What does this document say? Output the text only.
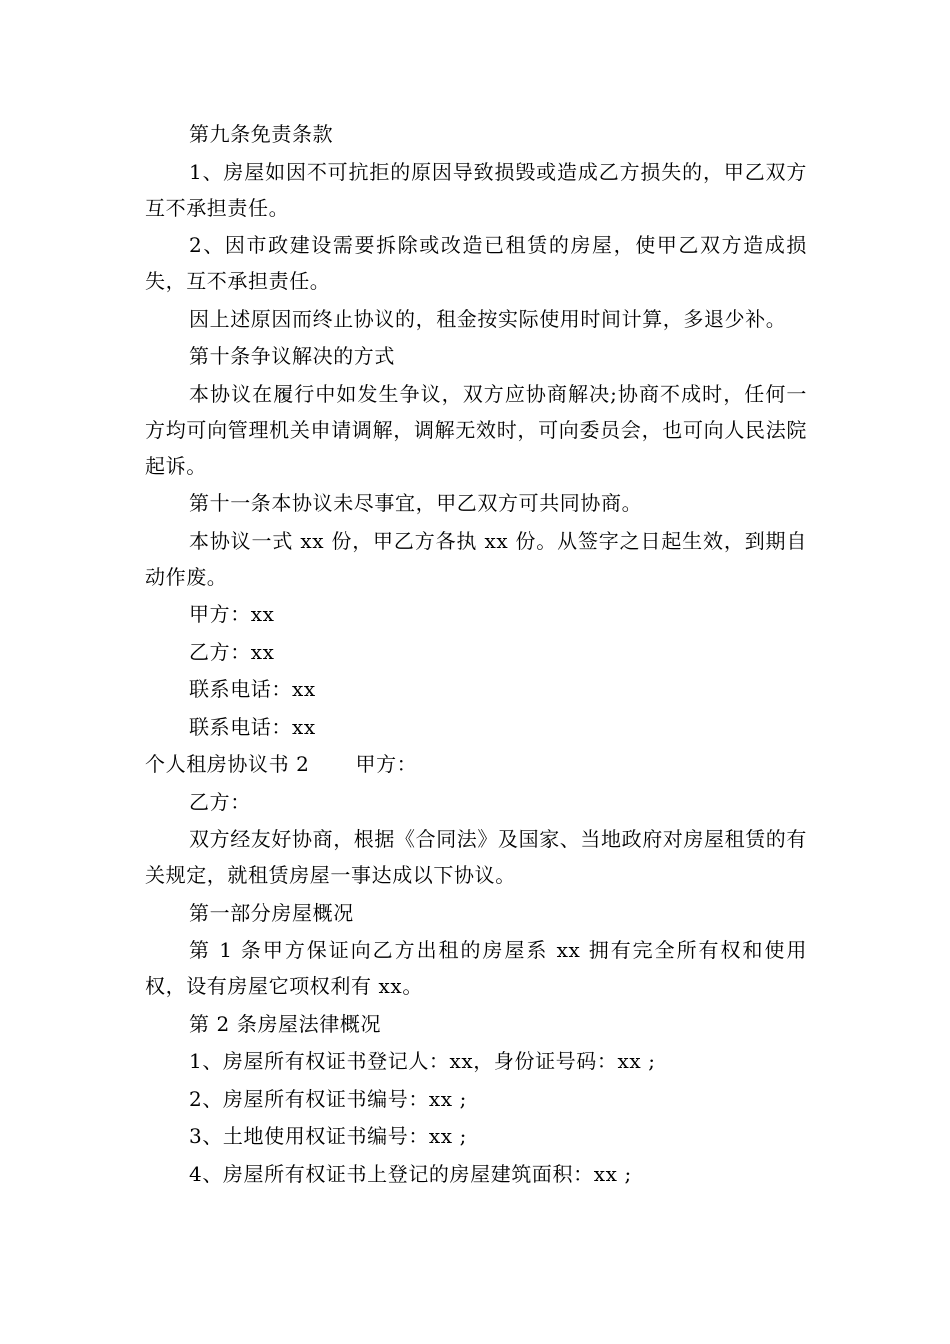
第九条免责条款

1、房屋如因不可抗拒的原因导致损毁或造成乙方损失的，甲乙双方互不承担责任。

2、因市政建设需要拆除或改造已租赁的房屋，使甲乙双方造成损失，互不承担责任。

因上述原因而终止协议的，租金按实际使用时间计算，多退少补。

第十条争议解决的方式

本协议在履行中如发生争议，双方应协商解决;协商不成时，任何一方均可向管理机关申请调解，调解无效时，可向委员会，也可向人民法院起诉。

第十一条本协议未尽事宜，甲乙双方可共同协商。

本协议一式 xx 份，甲乙方各执 xx 份。从签字之日起生效，到期自动作废。

甲方：xx

乙方：xx

联系电话：xx

联系电话：xx

个人租房协议书 2 甲方：

乙方：

双方经友好协商，根据《合同法》及国家、当地政府对房屋租赁的有关规定，就租赁房屋一事达成以下协议。

第一部分房屋概况

第 1 条甲方保证向乙方出租的房屋系 xx 拥有完全所有权和使用权，设有房屋它项权利有 xx。

第 2 条房屋法律概况

1、房屋所有权证书登记人：xx，身份证号码：xx ;

2、房屋所有权证书编号：xx ;

3、土地使用权证书编号：xx ;

4、房屋所有权证书上登记的房屋建筑面积：xx ;
